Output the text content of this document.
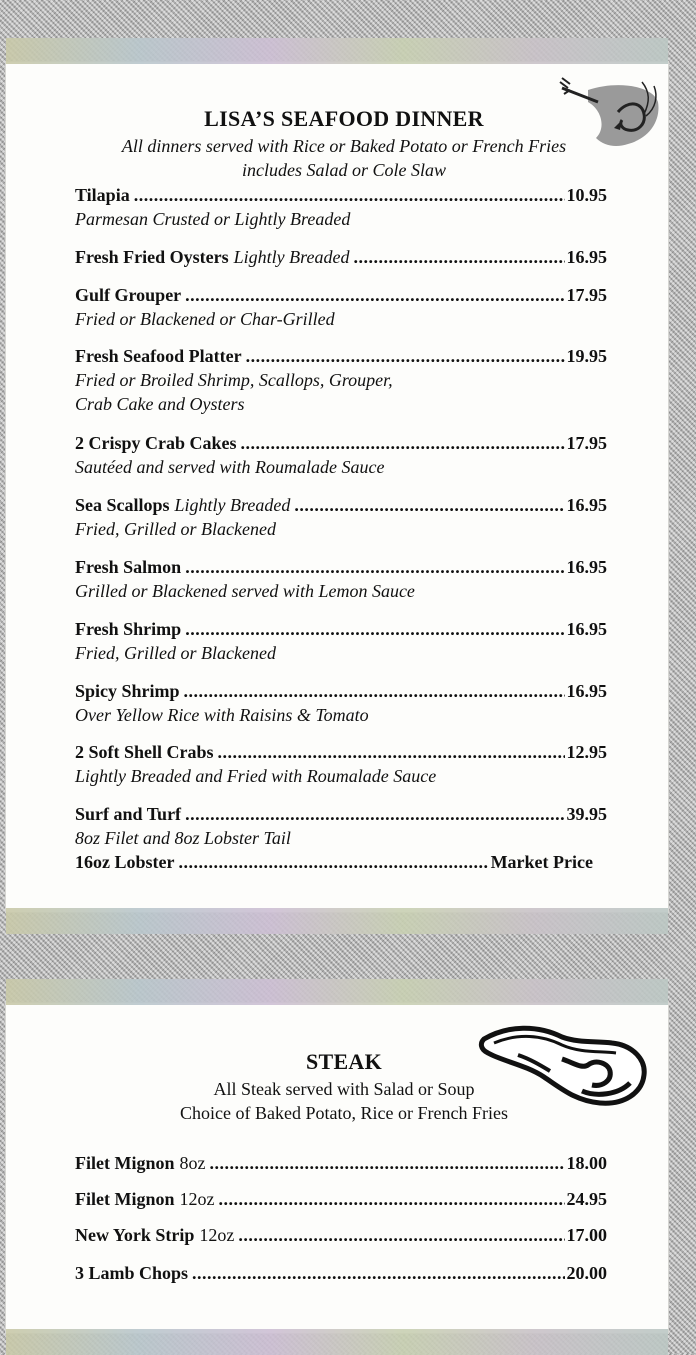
LISA’S SEAFOOD DINNER
All dinners served with Rice or Baked Potato or French Fries
includes Salad or Cole Slaw
Tilapia .....	10.95
Parmesan Crusted or Lightly Breaded
Fresh Fried Oysters Lightly Breaded .....	16.95
Gulf Grouper .....	17.95
Fried or Blackened or Char-Grilled
Fresh Seafood Platter .....	19.95
Fried or Broiled Shrimp, Scallops, Grouper,
Crab Cake and Oysters
2 Crispy Crab Cakes .....	17.95
Sautéed and served with Roumalade Sauce
Sea Scallops Lightly Breaded .....	16.95
Fried, Grilled or Blackened
Fresh Salmon .....	16.95
Grilled or Blackened served with Lemon Sauce
Fresh Shrimp .....	16.95
Fried, Grilled or Blackened
Spicy Shrimp .....	16.95
Over Yellow Rice with Raisins & Tomato
2 Soft Shell Crabs .....	12.95
Lightly Breaded and Fried with Roumalade Sauce
Surf and Turf .....	39.95
8oz Filet and 8oz Lobster Tail
16oz Lobster .....	Market Price
STEAK
All Steak served with Salad or Soup
Choice of Baked Potato, Rice or French Fries
Filet Mignon 8oz .....	18.00
Filet Mignon 12oz .....	24.95
New York Strip 12oz .....	17.00
3 Lamb Chops .....	20.00
